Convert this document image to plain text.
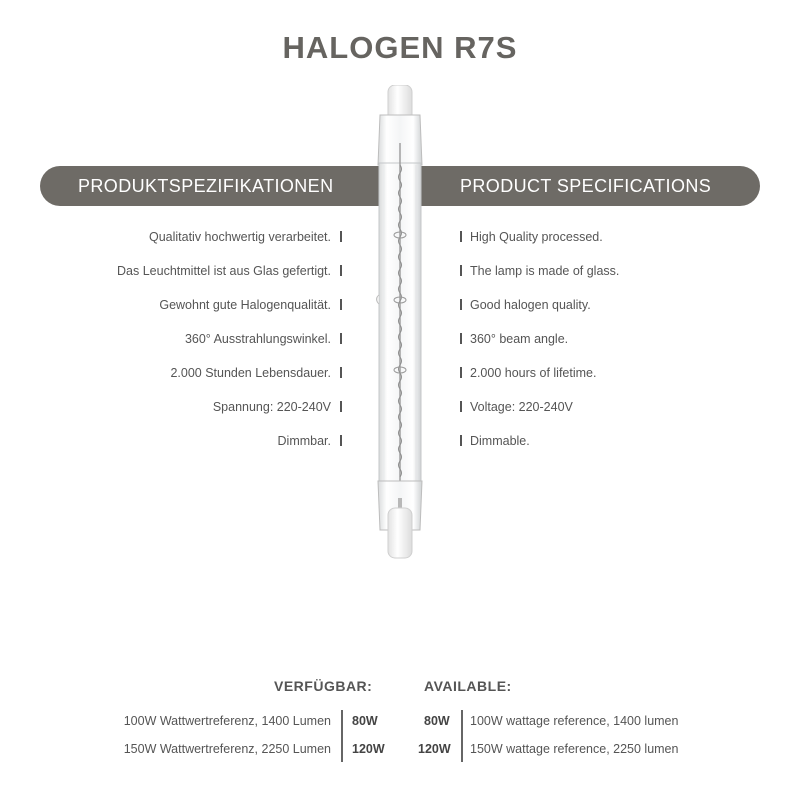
HALOGEN R7S
PRODUKTSPEZIFIKATIONEN	PRODUCT SPECIFICATIONS
Qualitativ hochwertig verarbeitet.
Das Leuchtmittel ist aus Glas gefertigt.
Gewohnt gute Halogenqualität.
360° Ausstrahlungswinkel.
2.000 Stunden Lebensdauer.
Spannung: 220-240V
Dimmbar.
High Quality processed.
The lamp is made of glass.
Good halogen quality.
360° beam angle.
2.000 hours of lifetime.
Voltage: 220-240V
Dimmable.
VERFÜGBAR:	AVAILABLE:
100W Wattwertreferenz, 1400 Lumen
150W Wattwertreferenz, 2250 Lumen
80W
120W
80W
120W
100W wattage reference, 1400 lumen
150W wattage reference, 2250 lumen
